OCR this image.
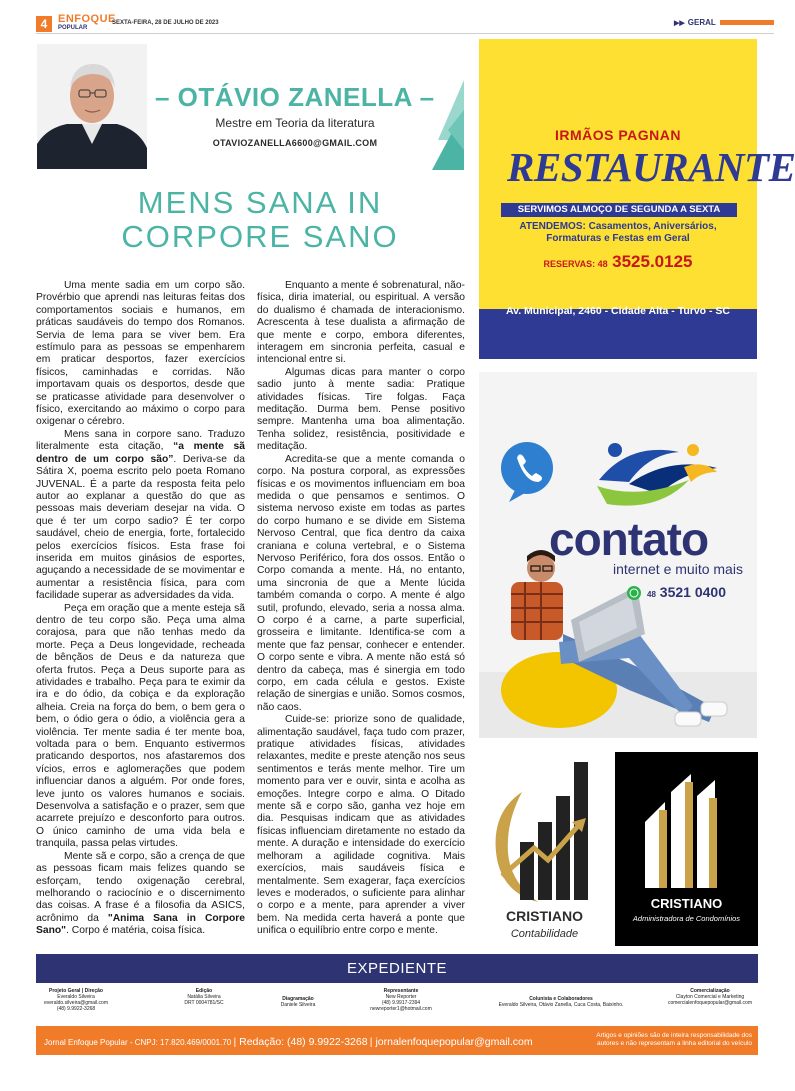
4 ENFOQUE
POPULAR
SEXTA-FEIRA, 28 DE JULHO DE 2023	▶▶ GERAL
– OTÁVIO ZANELLA –
Mestre em Teoria da literatura
OTAVIOZANELLA6600@GMAIL.COM
MENS SANA IN
CORPORE SANO

Uma mente sadia em um corpo são. Provérbio que aprendi nas leituras feitas dos comportamentos sociais e humanos, em práticas saudáveis do tempo dos Romanos. Servia de lema para se viver bem. Era estímulo para as pessoas se empenharem em praticar desportos, fazer exercícios físicos, caminhadas e corridas. Não importavam quais os desportos, desde que se praticasse atividade para desenvolver o físico, exercitando ao máximo o corpo para oxigenar o cérebro.

Mens sana in corpore sano. Traduzo literalmente esta citação, “a mente sã dentro de um corpo são”. Deriva-se da Sátira X, poema escrito pelo poeta Romano JUVENAL. É a parte da resposta feita pelo autor ao explanar a questão do que as pessoas mais deveriam desejar na vida. O que é ter um corpo sadio? É ter corpo saudável, cheio de energia, forte, fortalecido pelos exercícios físicos. Esta frase foi inserida em muitos ginásios de esportes, aguçando a necessidade de se movimentar e aumentar a resistência física, para com facilidade superar as adversidades da vida.

Peça em oração que a mente esteja sã dentro de teu corpo são. Peça uma alma corajosa, para que não tenhas medo da morte. Peça a Deus longevidade, recheada de bênçãos de Deus e da natureza que oferta frutos. Peça a Deus suporte para as atividades e trabalho. Peça para te eximir da ira e do ódio, da cobiça e da exploração alheia. Creia na força do bem, o bem gera o bem, o ódio gera o ódio, a violência gera a violência. Ter mente sadia é ter mente boa, voltada para o bem. Enquanto estivermos praticando desportos, nos afastaremos dos vícios, erros e aglomerações que podem influenciar danos a alguém. Por onde fores, leve junto os valores humanos e sociais. Desenvolva a satisfação e o prazer, sem que acarrete prejuízo e desconforto para outros. O único caminho de uma vida bela e tranquila, passa pelas virtudes.

Mente sã e corpo, são a crença de que as pessoas ficam mais felizes quando se esforçam, tendo oxigenação cerebral, melhorando o raciocínio e o discernimento das coisas. A frase é a filosofia da ASICS, acrônimo da "Anima Sana in Corpore Sano". Corpo é matéria, coisa física.

Enquanto a mente é sobrenatural, não-física, diria imaterial, ou espiritual. A versão do dualismo é chamada de interacionismo. Acrescenta à tese dualista a afirmação de que mente e corpo, embora diferentes, interagem em sincronia perfeita, casual e intencional entre si.

Algumas dicas para manter o corpo sadio junto à mente sadia: Pratique atividades físicas. Tire folgas. Faça meditação. Durma bem. Pense positivo sempre. Mantenha uma boa alimentação. Tenha solidez, resistência, positividade e meditação.

Acredita-se que a mente comanda o corpo. Na postura corporal, as expressões físicas e os movimentos influenciam em boa medida o que pensamos e sentimos. O sistema nervoso existe em todas as partes do corpo humano e se divide em Sistema Nervoso Central, que fica dentro da caixa craniana e coluna vertebral, e o Sistema Nervoso Periférico, fora dos ossos. Então o Corpo comanda a mente. Há, no entanto, uma sincronia de que a Mente lúcida também comanda o corpo. A mente é algo sutil, profundo, elevado, seria a nossa alma. O corpo é a carne, a parte superficial, grosseira e limitante. Identifica-se com a mente que faz pensar, conhecer e entender. O corpo sente e vibra. A mente não está só dentro da cabeça, mas é sinergia em todo corpo, em cada célula e gestos. Existe relação de sinergias e união. Somos cosmos, não caos.

Cuide-se: priorize sono de qualidade, alimentação saudável, faça tudo com prazer, pratique atividades físicas, atividades relaxantes, medite e preste atenção nos seus sentimentos e terás mente melhor. Tire um momento para ver e ouvir, sinta e acolha as emoções. Integre corpo e alma. O Ditado mente sã e corpo são, ganha vez hoje em dia. Pesquisas indicam que as atividades físicas influenciam diretamente no estado da mente. A duração e intensidade do exercício melhoram a agilidade cognitiva. Mais exercícios, mais saudáveis física e mentalmente. Sem exagerar, faça exercícios leves e moderados, o suficiente para alinhar o corpo e a mente, para aprender a viver bem. Na medida certa haverá a ponte que unifica o equilíbrio entre corpo e mente.

IRMÃOS PAGNAN
RESTAURANTE
SERVIMOS ALMOÇO DE SEGUNDA A SEXTA
ATENDEMOS: Casamentos, Aniversários,
Formaturas e Festas em Geral
RESERVAS: 48 3525.0125
Av. Municipal, 2460 - Cidade Alta - Turvo - SC
contato
internet e muito mais
48 3521 0400
CRISTIANO
Contabilidade
CRISTIANO
Administradora de Condomínios
EXPEDIENTE
Projeto Geral | Direção
Everaldo Silveira
everaldo.silveira@gmail.com
(48) 9.9922-3268
Edição
Natália Silveira
DRT 0004781/SC
Diagramação
Daniele Silveira
Representante
New Reporter
(48) 9.9917-2394
newreporter1@hotmail.com
Colunista e Colaboradores
Everaldo Silveira, Otávio Zanella, Cuca Costa, Baixinho.
Comercialização
Clayton Comercial e Marketing
comercialenfoquepopular@gmail.com
Jornal Enfoque Popular - CNPJ: 17.820.469/0001.70 | Redação: (48) 9.9922-3268 | jornalenfoquepopular@gmail.com
Artigos e opiniões são de inteira responsabilidade dos autores e não representam a linha editorial do veículo
